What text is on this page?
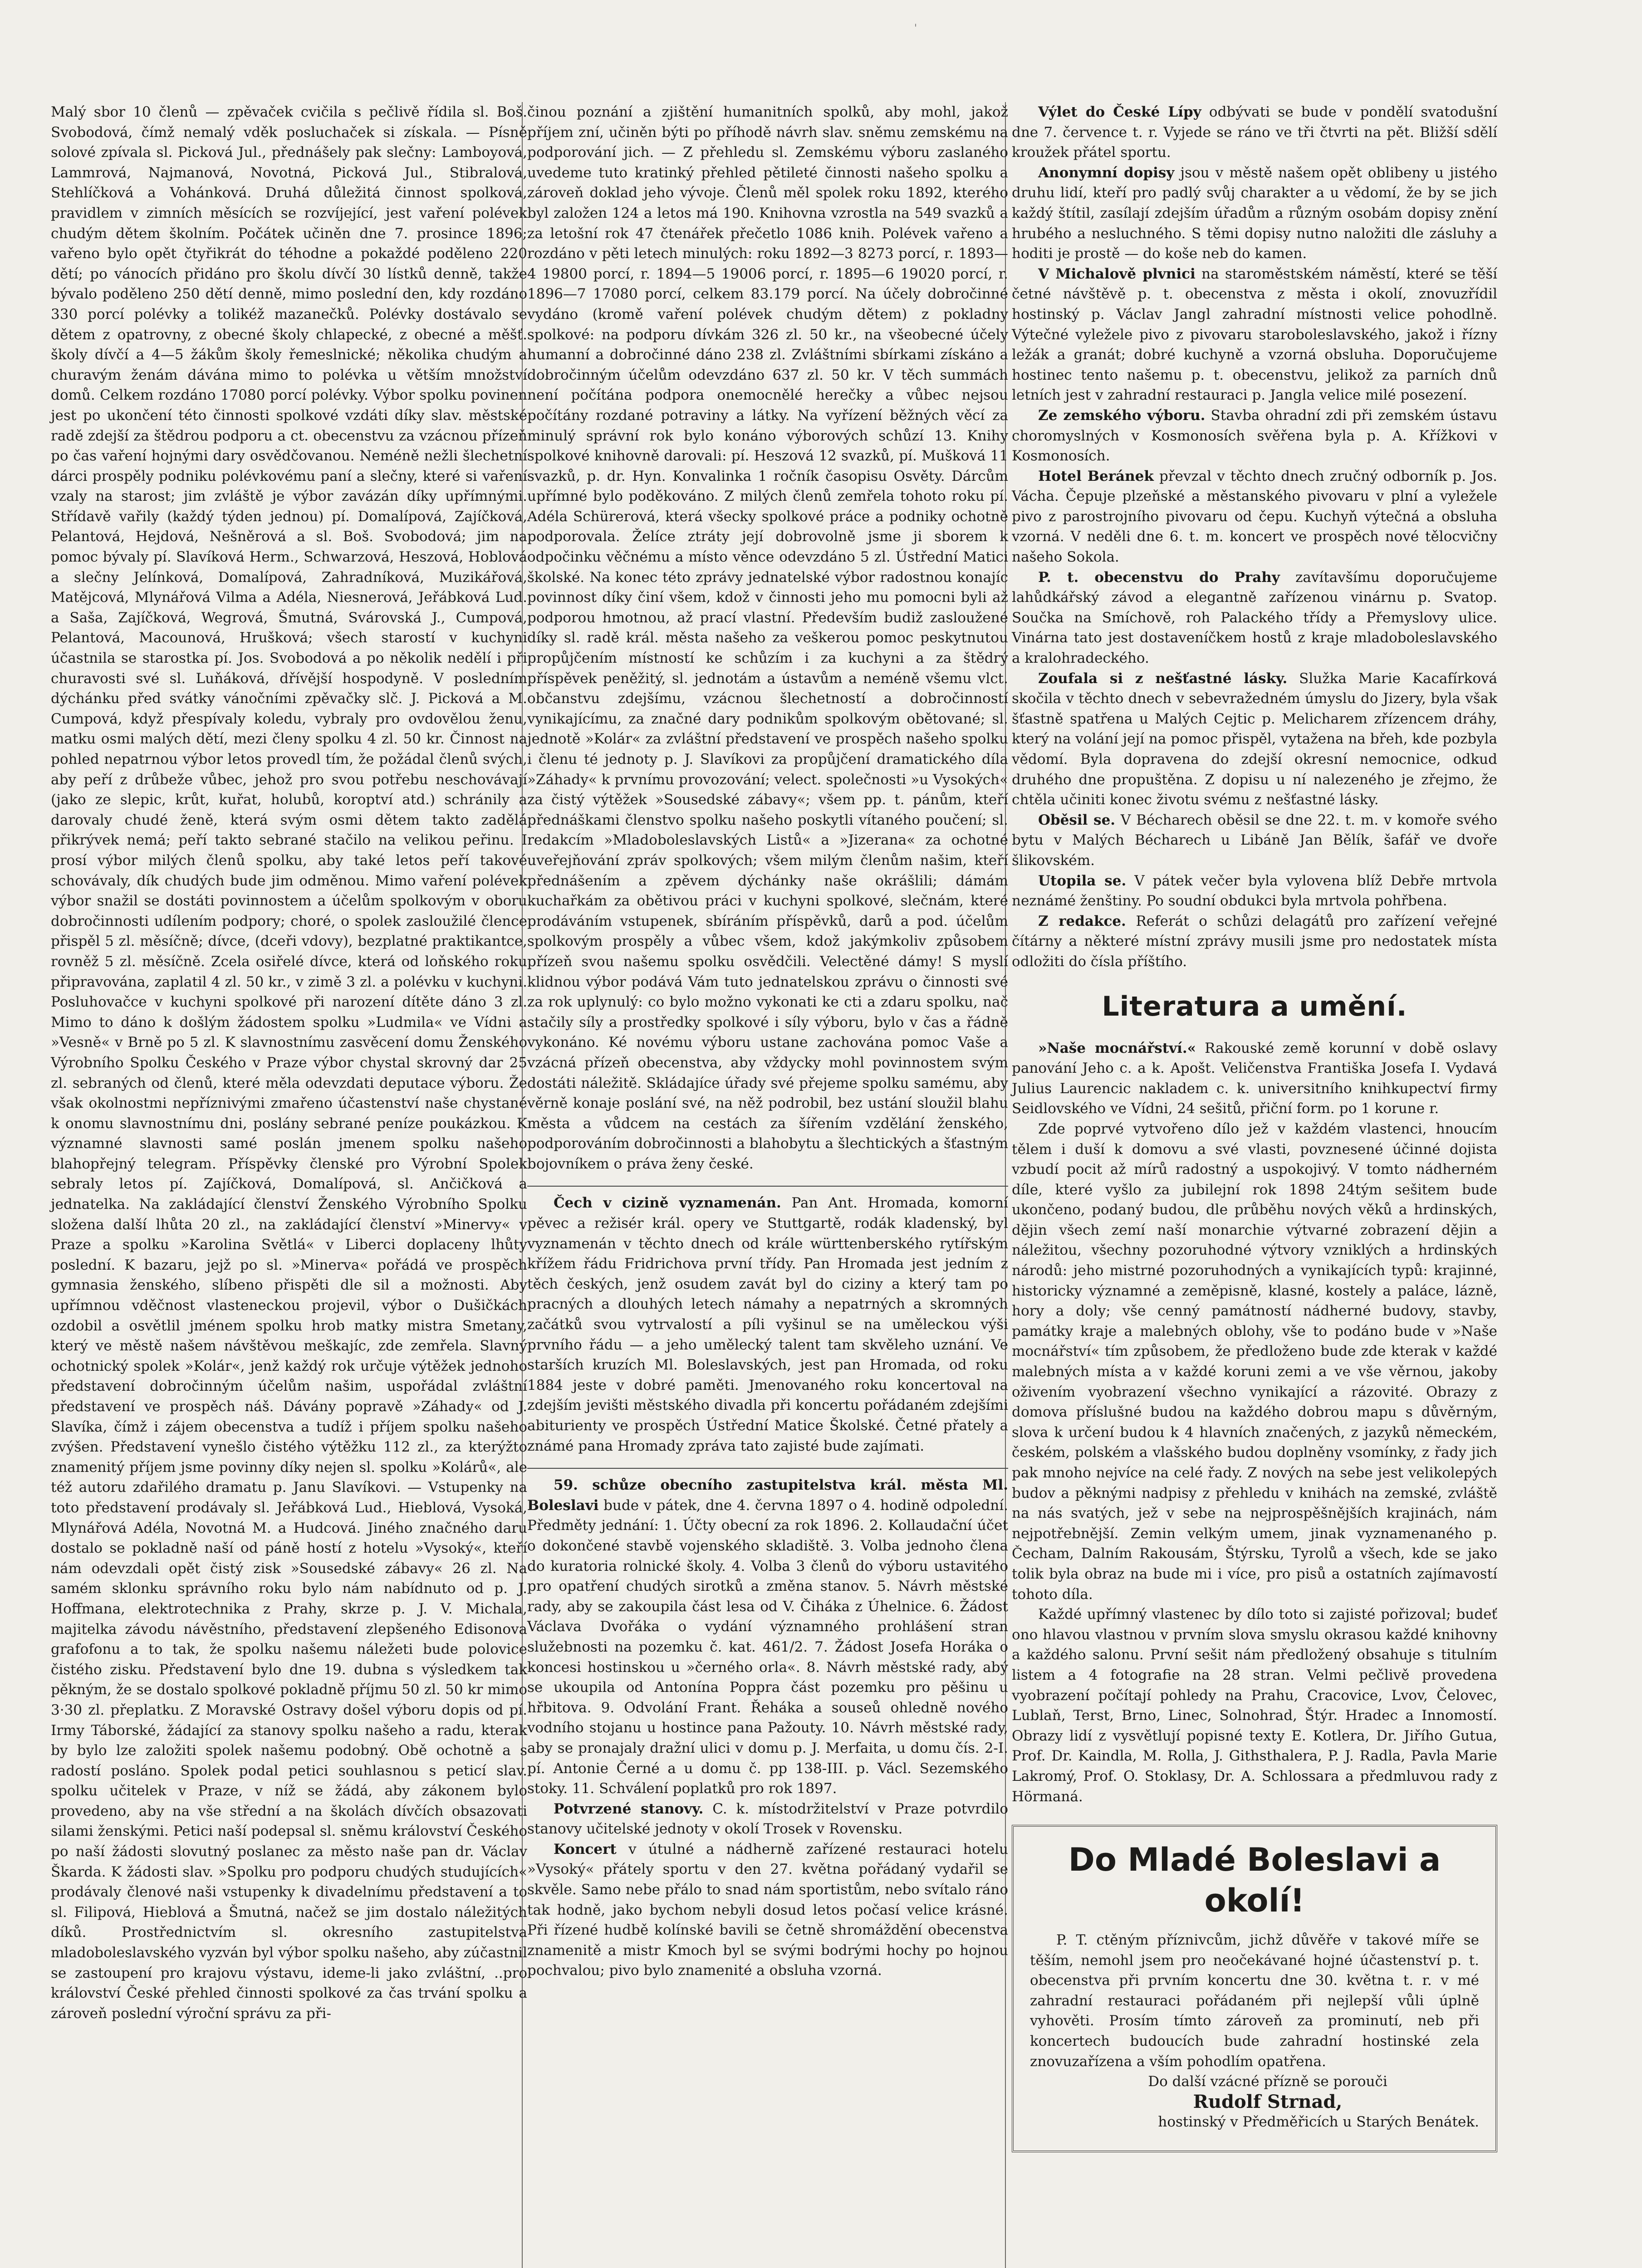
'

Malý sbor 10 členů — zpěvaček cvičila s pečlivě řídila sl. Boš. Svobodová, čímž nemalý vděk posluchaček si získala. — Písně solové zpívala sl. Picková Jul., přednášely pak slečny: Lamboyová, Lammrová, Najmanová, Novotná, Picková Jul., Stibralová, Stehlíčková a Vohánková. Druhá důležitá činnost spolková, pravidlem v zimních měsících se rozvíjející, jest vaření polévek chudým dětem školním. Počátek učiněn dne 7. prosince 1896; vařeno bylo opět čtyřikrát do téhodne a pokaždé poděleno 220 dětí; po vánocích přidáno pro školu dívčí 30 lístků denně, takže bývalo poděleno 250 dětí denně, mimo poslední den, kdy rozdáno 330 porcí polévky a tolikéž mazanečků. Polévky dostávalo se dětem z opatrovny, z obecné školy chlapecké, z obecné a měšť. školy dívčí a 4—5 žákům školy řemeslnické; několika chudým a churavým ženám dávána mimo to polévka u větším množství domů. Celkem rozdáno 17080 porcí polévky. Výbor spolku povinen jest po ukončení této činnosti spolkové vzdáti díky slav. městské radě zdejší za štědrou podporu a ct. obecenstvu za vzácnou přízeň po čas vaření hojnými dary osvědčovanou. Neméně nežli šlechetní dárci prospěly podniku polévkovému paní a slečny, které si vaření vzaly na starost; jim zvláště je výbor zavázán díky upřímnými. Střídavě vařily (každý týden jednou) pí. Domalípová, Zajíčková, Pelantová, Hejdová, Nešněrová a sl. Boš. Svobodová; jim na pomoc bývaly pí. Slavíková Herm., Schwarzová, Heszová, Hoblová a slečny Jelínková, Domalípová, Zahradníková, Muzikářová, Matějcová, Mlynářová Vilma a Adéla, Niesnerová, Jeřábková Lud. a Saša, Zajíčková, Wegrová, Šmutná, Svárovská J., Cumpová, Pelantová, Macounová, Hrušková; všech starostí v kuchyni účastnila se starostka pí. Jos. Svobodová a po několik nedělí i při churavosti své sl. Luňáková, dřívější hospodyně. V posledním dýchánku před svátky vánočními zpěvačky slč. J. Picková a M. Cumpová, když přespívaly koledu, vybraly pro ovdovělou ženu, matku osmi malých dětí, mezi členy spolku 4 zl. 50 kr. Činnost na pohled nepatrnou výbor letos provedl tím, že požádal členů svých, aby peří z drůbeže vůbec, jehož pro svou potřebu neschovávají (jako ze slepic, krůt, kuřat, holubů, koroptví atd.) schránily a darovaly chudé ženě, která svým osmi dětem takto zadělá přikrývek nemá; peří takto sebrané stačilo na velikou peřinu. I prosí výbor milých členů spolku, aby také letos peří takové schovávaly, dík chudých bude jim odměnou. Mimo vaření polévek výbor snažil se dostáti povinnostem a účelům spolkovým v oboru dobročinnosti udílením podpory; choré, o spolek zasloužilé člence přispěl 5 zl. měsíčně; dívce, (dceři vdovy), bezplatné praktikantce, rovněž 5 zl. měsíčně. Zcela osiřelé dívce, která od loňského roku připravována, zaplatil 4 zl. 50 kr., v zimě 3 zl. a polévku v kuchyni. Posluhovačce v kuchyni spolkové při narození dítěte dáno 3 zl. Mimo to dáno k došlým žádostem spolku »Ludmila« ve Vídni a »Vesně« v Brně po 5 zl. K slavnostnímu zasvěcení domu Ženského Výrobního Spolku Českého v Praze výbor chystal skrovný dar 25 zl. sebraných od členů, které měla odevzdati deputace výboru. Že však okolnostmi nepříznivými zmařeno účastenství naše chystané k onomu slavnostnímu dni, poslány sebrané peníze poukázkou. K významné slavnosti samé poslán jmenem spolku našeho blahopřejný telegram. Příspěvky členské pro Výrobní Spolek sebraly letos pí. Zajíčková, Domalípová, sl. Ančičková a jednatelka. Na zakládající členství Ženského Výrobního Spolku složena další lhůta 20 zl., na zakládající členství »Minervy« v Praze a spolku »Karolina Světlá« v Liberci doplaceny lhůty poslední. K bazaru, jejž po sl. »Minerva« pořádá ve prospěch gymnasia ženského, slíbeno přispěti dle sil a možnosti. Aby upřímnou vděčnost vlasteneckou projevil, výbor o Dušičkách ozdobil a osvětlil jménem spolku hrob matky mistra Smetany, který ve městě našem návštěvou meškajíc, zde zemřela. Slavný ochotnický spolek »Kolár«, jenž každý rok určuje výtěžek jednoho představení dobročinným účelům našim, uspořádal zvláštní představení ve prospěch náš. Dávány popravě »Záhady« od J. Slavíka, čímž i zájem obecenstva a tudíž i příjem spolku našeho zvýšen. Představení vynešlo čistého výtěžku 112 zl., za kterýžto znamenitý příjem jsme povinny díky nejen sl. spolku »Kolárů«, ale též autoru zdařilého dramatu p. Janu Slavíkovi. — Vstupenky na toto představení prodávaly sl. Jeřábková Lud., Hieblová, Vysoká, Mlynářová Adéla, Novotná M. a Hudcová. Jiného značného daru dostalo se pokladně naší od páně hostí z hotelu »Vysoký«, kteří nám odevzdali opět čistý zisk »Sousedské zábavy« 26 zl. Na samém sklonku správního roku bylo nám nabídnuto od p. J. Hoffmana, elektrotechnika z Prahy, skrze p. J. V. Michala, majitelka závodu návěstního, představení zlepšeného Edisonova grafofonu a to tak, že spolku našemu náležeti bude polovice čistého zisku. Představení bylo dne 19. dubna s výsledkem tak pěkným, že se dostalo spolkové pokladně příjmu 50 zl. 50 kr mimo 3·30 zl. přeplatku. Z Moravské Ostravy došel výboru dopis od pí. Irmy Táborské, žádající za stanovy spolku našeho a radu, kterak by bylo lze založiti spolek našemu podobný. Obě ochotně a s radostí posláno. Spolek podal petici souhlasnou s peticí slav. spolku učitelek v Praze, v níž se žádá, aby zákonem bylo provedeno, aby na vše střední a na školách dívčích obsazovati silami ženskými. Petici naší podepsal sl. sněmu království Českého po naší žádosti slovutný poslanec za město naše pan dr. Václav Škarda. K žádosti slav. »Spolku pro podporu chudých studujících« prodávaly členové naši vstupenky k divadelnímu představení a to sl. Filipová, Hieblová a Šmutná, načež se jim dostalo náležitých díků. Prostřednictvím sl. okresního zastupitelstva mladoboleslavského vyzván byl výbor spolku našeho, aby zúčastnil se zastoupení pro krajovu výstavu, ideme-li jako zvláštní, ..pro království České přehled činnosti spolkové za čas trvání spolku a zároveň poslední výroční správu za při-

činou poznání a zjištění humanitních spolků, aby mohl, jakož příjem zní, učiněn býti po příhodě návrh slav. sněmu zemskému na podporování jich. — Z přehledu sl. Zemskému výboru zaslaného uvedeme tuto kratinký přehled pětileté činnosti našeho spolku a zároveň doklad jeho vývoje. Členů měl spolek roku 1892, kterého byl založen 124 a letos má 190. Knihovna vzrostla na 549 svazků a za letošní rok 47 čtenářek přečetlo 1086 knih. Polévek vařeno a rozdáno v pěti letech minulých: roku 1892—3 8273 porcí, r. 1893—4 19800 porcí, r. 1894—5 19006 porcí, r. 1895—6 19020 porcí, r. 1896—7 17080 porcí, celkem 83.179 porcí. Na účely dobročinné vydáno (kromě vaření polévek chudým dětem) z pokladny spolkové: na podporu dívkám 326 zl. 50 kr., na všeobecné účely humanní a dobročinné dáno 238 zl. Zvláštními sbírkami získáno a dobročinným účelům odevzdáno 637 zl. 50 kr. V těch summách není počítána podpora onemocnělé herečky a vůbec nejsou počítány rozdané potraviny a látky. Na vyřízení běžných věcí za minulý správní rok bylo konáno výborových schůzí 13. Knihy spolkové knihovně darovali: pí. Heszová 12 svazků, pí. Mušková 11 svazků, p. dr. Hyn. Konvalinka 1 ročník časopisu Osvěty. Dárcům upřímné bylo poděkováno. Z milých členů zemřela tohoto roku pí. Adéla Schürerová, která všecky spolkové práce a podniky ochotně podporovala. Želíce ztráty její dobrovolně jsme ji sborem k odpočinku věčnému a místo věnce odevzdáno 5 zl. Ústřední Matici školské. Na konec této zprávy jednatelské výbor radostnou konajíc povinnost díky činí všem, kdož v činnosti jeho mu pomocni byli až podporou hmotnou, až prací vlastní. Především budiž zasloužené díky sl. radě král. města našeho za veškerou pomoc peskytnutou propůjčením místností ke schůzím i za kuchyni a za štědrý příspěvek peněžitý, sl. jednotám a ústavům a neméně všemu vlct. občanstvu zdejšímu, vzácnou šlechetností a dobročinností vynikajícímu, za značné dary podnikům spolkovým obětované; sl. jednotě »Kolár« za zvláštní představení ve prospěch našeho spolku i členu té jednoty p. J. Slavíkovi za propůjčení dramatického díla »Záhady« k prvnímu provozování; velect. společnosti »u Vysokých« za čistý výtěžek »Sousedské zábavy«; všem pp. t. pánům, kteří přednáškami členstvo spolku našeho poskytli vítaného poučení; sl. redakcím »Mladoboleslavských Listů« a »Jizerana« za ochotné uveřejňování zpráv spolkových; všem milým členům našim, kteří přednášením a zpěvem dýchánky naše okrášlili; dámám kuchařkám za obětivou práci v kuchyni spolkové, slečnám, které prodáváním vstupenek, sbíráním příspěvků, darů a pod. účelům spolkovým prospěly a vůbec všem, kdož jakýmkoliv způsobem přízeň svou našemu spolku osvědčili. Velectěné dámy! S myslí klidnou výbor podává Vám tuto jednatelskou zprávu o činnosti své za rok uplynulý: co bylo možno vykonati ke cti a zdaru spolku, nač stačily síly a prostředky spolkové i síly výboru, bylo v čas a řádně vykonáno. Ké novému výboru ustane zachována pomoc Vaše a vzácná přízeň obecenstva, aby vždycky mohl povinnostem svým dostáti náležitě. Skládajíce úřady své přejeme spolku samému, aby věrně konaje poslání své, na něž podrobil, bez ustání sloužil blahu města a vůdcem na cestách za šířením vzdělání ženského, podporováním dobročinnosti a blahobytu a šlechtických a šťastným bojovníkem o práva ženy české.

Čech v cizině vyznamenán. Pan Ant. Hromada, komorní pěvec a režisér král. opery ve Stuttgartě, rodák kladenský, byl vyznamenán v těchto dnech od krále württenberského rytířským křížem řádu Fridrichova první třídy. Pan Hromada jest jedním z těch českých, jenž osudem zavát byl do ciziny a který tam po pracných a dlouhých letech námahy a nepatrných a skromných začátků svou vytrvalostí a píli vyšinul se na uměleckou výši prvního řádu — a jeho umělecký talent tam skvěleho uznání. Ve starších kruzích Ml. Boleslavských, jest pan Hromada, od roku 1884 jeste v dobré paměti. Jmenovaného roku koncertoval na zdejším jevišti městského divadla při koncertu pořádaném zdejšími abiturienty ve prospěch Ústřední Matice Školské. Četné přately a známé pana Hromady zpráva tato zajisté bude zajímati.

59. schůze obecního zastupitelstva král. města Ml. Boleslavi bude v pátek, dne 4. června 1897 o 4. hodině odpolední. Předměty jednání: 1. Účty obecní za rok 1896. 2. Kollaudační účet o dokončené stavbě vojenského skladiště. 3. Volba jednoho člena do kuratoria rolnické školy. 4. Volba 3 členů do výboru ustavitého pro opatření chudých sirotků a změna stanov. 5. Návrh městské rady, aby se zakoupila část lesa od V. Čiháka z Úhelnice. 6. Žádost Václava Dvořáka o vydání významného prohlášení stran služebnosti na pozemku č. kat. 461/2. 7. Žádost Josefa Horáka o koncesi hostinskou u »černého orla«. 8. Návrh městské rady, abý se ukoupila od Antonína Poppra část pozemku pro pěšinu u hřbitova. 9. Odvolání Frant. Řeháka a souseů ohledně nového vodního stojanu u hostince pana Pažouty. 10. Návrh městské rady, aby se pronajaly dražní ulici v domu p. J. Merfaita, u domu čís. 2-I. pí. Antonie Černé a u domu č. pp 138-III. p. Václ. Sezemského stoky. 11. Schválení poplatků pro rok 1897.

Potvrzené stanovy. C. k. místodržitelství v Praze potvrdilo stanovy učitelské jednoty v okolí Trosek v Rovensku.

Koncert v útulné a nádherně zařízené restauraci hotelu »Vysoký« přátely sportu v den 27. května pořádaný vydařil se skvěle. Samo nebe přálo to snad nám sportistům, nebo svítalo ráno tak hodně, jako bychom nebyli dosud letos počasí velice krásné. Při řízené hudbě kolínské bavili se četně shromáždění obecenstva znamenitě a mistr Kmoch byl se svými bodrými hochy po hojnou pochvalou; pivo bylo znamenité a obsluha vzorná.

Výlet do České Lípy odbývati se bude v pondělí svatodušní dne 7. července t. r. Vyjede se ráno ve tři čtvrti na pět. Bližší sdělí kroužek přátel sportu.

Anonymní dopisy jsou v městě našem opět oblibeny u jistého druhu lidí, kteří pro padlý svůj charakter a u vědomí, že by se jich každý štítil, zasílají zdejším úřadům a různým osobám dopisy znění hrubého a nesluchného. S těmi dopisy nutno naložiti dle zásluhy a hoditi je prostě — do koše neb do kamen.

V Michalově plvnici na staroměstském náměstí, které se těší četné návštěvě p. t. obecenstva z města i okolí, znovuzřídil hostinský p. Václav Jangl zahradní místnosti velice pohodlně. Výtečné vyležele pivo z pivovaru staroboleslavského, jakož i řízny ležák a granát; dobré kuchyně a vzorná obsluha. Doporučujeme hostinec tento našemu p. t. obecenstvu, jelikož za parních dnů letních jest v zahradní restauraci p. Jangla velice milé posezení.

Ze zemského výboru. Stavba ohradní zdi při zemském ústavu choromyslných v Kosmonosích svěřena byla p. A. Křížkovi v Kosmonosích.

Hotel Beránek převzal v těchto dnech zručný odborník p. Jos. Vácha. Čepuje plzeňské a městanského pivovaru v plní a vyležele pivo z parostrojního pivovaru od čepu. Kuchyň výtečná a obsluha vzorná. V neděli dne 6. t. m. koncert ve prospěch nové tělocvičny našeho Sokola.

P. t. obecenstvu do Prahy zavítavšímu doporučujeme lahůdkářský závod a elegantně zařízenou vinárnu p. Svatop. Součka na Smíchově, roh Palackého třídy a Přemyslovy ulice. Vinárna tato jest dostaveníčkem hostů z kraje mladoboleslavského a kralohradeckého.

Zoufala si z nešťastné lásky. Služka Marie Kacafírková skočila v těchto dnech v sebevražedném úmyslu do Jizery, byla však šťastně spatřena u Malých Cejtic p. Melicharem zřízencem dráhy, který na volání její na pomoc přispěl, vytažena na břeh, kde pozbyla vědomí. Byla dopravena do zdejší okresní nemocnice, odkud druhého dne propuštěna. Z dopisu u ní nalezeného je zřejmo, že chtěla učiniti konec životu svému z nešťastné lásky.

Oběsil se. V Bécharech oběsil se dne 22. t. m. v komoře svého bytu v Malých Bécharech u Libáně Jan Bělík, šafář ve dvoře šlikovském.

Utopila se. V pátek večer byla vylovena blíž Debře mrtvola neznámé ženštiny. Po soudní obdukci byla mrtvola pohřbena.

Z redakce. Referát o schůzi delagátů pro zařízení veřejné čítárny a některé místní zprávy musili jsme pro nedostatek místa odložiti do čísla příštího.

Literatura a umění.

»Naše mocnářství.« Rakouské země korunní v době oslavy panování Jeho c. a k. Apošt. Veličenstva Františka Josefa I. Vydavá Julius Laurencic nakladem c. k. universitního knihkupectví firmy Seidlovského ve Vídni, 24 sešitů, přiční form. po 1 korune r.

Zde poprvé vytvořeno dílo jež v každém vlastenci, hnoucím tělem i duší k domovu a své vlasti, povznesené účinné dojista vzbudí pocit až mírů radostný a uspokojivý. V tomto nádherném díle, které vyšlo za jubilejní rok 1898 24tým sešitem bude ukončeno, podaný budou, dle průběhu nových věků a hrdinských, dějin všech zemí naší monarchie výtvarné zobrazení dějin a náležitou, všechny pozoruhodné výtvory vzniklých a hrdinských národů: jeho mistrné pozoruhodných a vynikajících typů: krajinné, historicky významné a zeměpisně, klasné, kostely a paláce, lázně, hory a doly; vše cenný památností nádherné budovy, stavby, památky kraje a malebných oblohy, vše to podáno bude v »Naše mocnářství« tím způsobem, že předloženo bude zde kterak v každé malebných místa a v každé koruni zemi a ve vše věrnou, jakoby oživením vyobrazení všechno vynikající a rázovité. Obrazy z domova příslušné budou na každého dobrou mapu s důvěrným, slova k určení budou k 4 hlavních značených, z jazyků německém, českém, polském a vlašského budou doplněny vsomínky, z řady jich pak mnoho nejvíce na celé řady. Z nových na sebe jest velikolepých budov a pěknými nadpisy z přehledu v knihách na zemské, zvláště na nás svatých, jež v sebe na nejprospěšnějších krajinách, nám nejpotřebnější. Zemin velkým umem, jinak vyznamenaného p. Čecham, Dalním Rakousám, Štýrsku, Tyrolů a všech, kde se jako tolik byla obraz na bude mi i více, pro pisů a ostatních zajímavostí tohoto díla.

Každé upřímný vlastenec by dílo toto si zajisté pořizoval; budeť ono hlavou vlastnou v prvním slova smyslu okrasou každé knihovny a každého salonu. První sešit nám předložený obsahuje s titulním listem a 4 fotografie na 28 stran. Velmi pečlivě provedena vyobrazení počítají pohledy na Prahu, Cracovice, Lvov, Čelovec, Lublaň, Terst, Brno, Linec, Solnohrad, Štýr. Hradec a Innomostí. Obrazy lidí z vysvětlují popisné texty E. Kotlera, Dr. Jiřího Gutua, Prof. Dr. Kaindla, M. Rolla, J. Githsthalera, P. J. Radla, Pavla Marie Lakromý, Prof. O. Stoklasy, Dr. A. Schlossara a předmluvou rady z Hörmaná.

Do Mladé Boleslavi a okolí!

P. T. ctěným příznivcům, jichž důvěře v takové míře se těším, nemohl jsem pro neočekávané hojné účastenství p. t. obecenstva při prvním koncertu dne 30. května t. r. v mé zahradní restauraci pořádaném při nejlepší vůli úplně vyhověti. Prosím tímto zároveň za prominutí, neb při koncertech budoucích bude zahradní hostinské zela znovuzařízena a vším pohodlím opatřena.

Do další vzácné přízně se porouči

Rudolf Strnad,

hostinský v Předměřicích u Starých Benátek.
